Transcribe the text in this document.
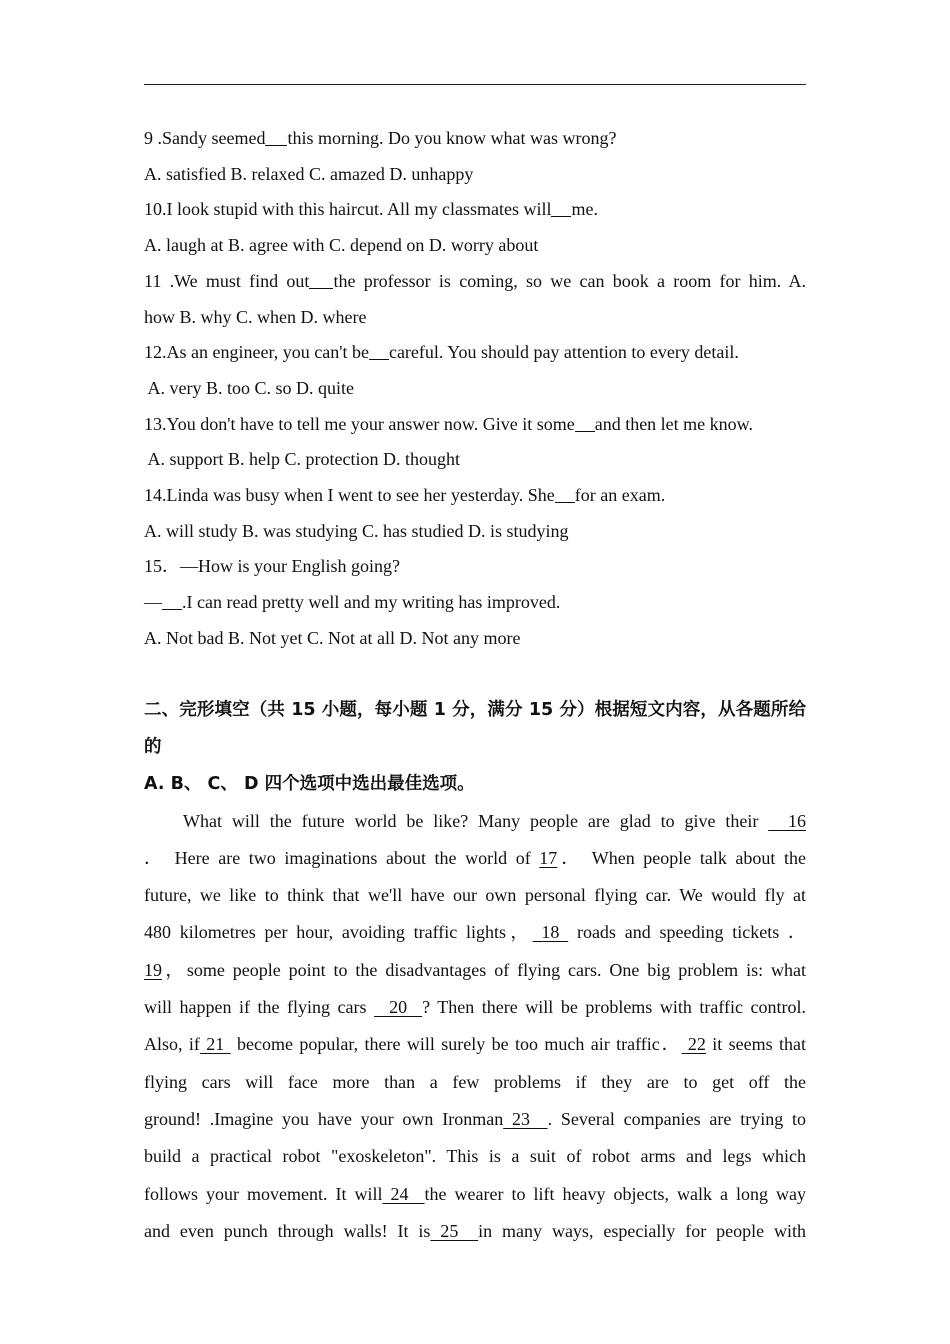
9 .Sandy seemed this morning. Do you know what was wrong?
A. satisfied B. relaxed C. amazed D. unhappy
10.I look stupid with this haircut. All my classmates will me.
A. laugh at B. agree with C. depend on D. worry about
11 .We must find out the professor is coming, so we can book a room for him. A.
how B. why C. when D. where
12.As an engineer, you can't be careful. You should pay attention to every detail.
A. very B. too C. so D. quite
13.You don't have to tell me your answer now. Give it some and then let me know.
A. support B. help C. protection D. thought
14.Linda was busy when I went to see her yesterday. She for an exam.
A. will study B. was studying C. has studied D. is studying
15．—How is your English going?
— .I can read pretty well and my writing has improved.
A. Not bad B. Not yet C. Not at all D. Not any more
二、完形填空（共 15 小题，每小题 1 分，满分 15 分）根据短文内容，从各题所给的
A. B、 C、 D 四个选项中选出最佳选项。
What will the future world be like? Many people are glad to give their   16
． Here are two imaginations about the world of 17． When people talk about the
future, we like to think that we'll have our own personal flying car. We would fly at
480 kilometres per hour, avoiding traffic lights， 18  roads and speeding tickets ．
19，some people point to the disadvantages of flying cars. One big problem is: what
will happen if the flying cars   20  ? Then there will be problems with traffic control.
Also, if 21  become popular, there will surely be too much air traffic． 22 it seems that
flying cars will face more than a few problems if they are to get off the
ground! .Imagine you have your own Ironman 23  . Several companies are trying to
build a practical robot "exoskeleton". This is a suit of robot arms and legs which
follows your movement. It will 24  the wearer to lift heavy objects, walk a long way
and even punch through walls! It is 25  in many ways, especially for people with
